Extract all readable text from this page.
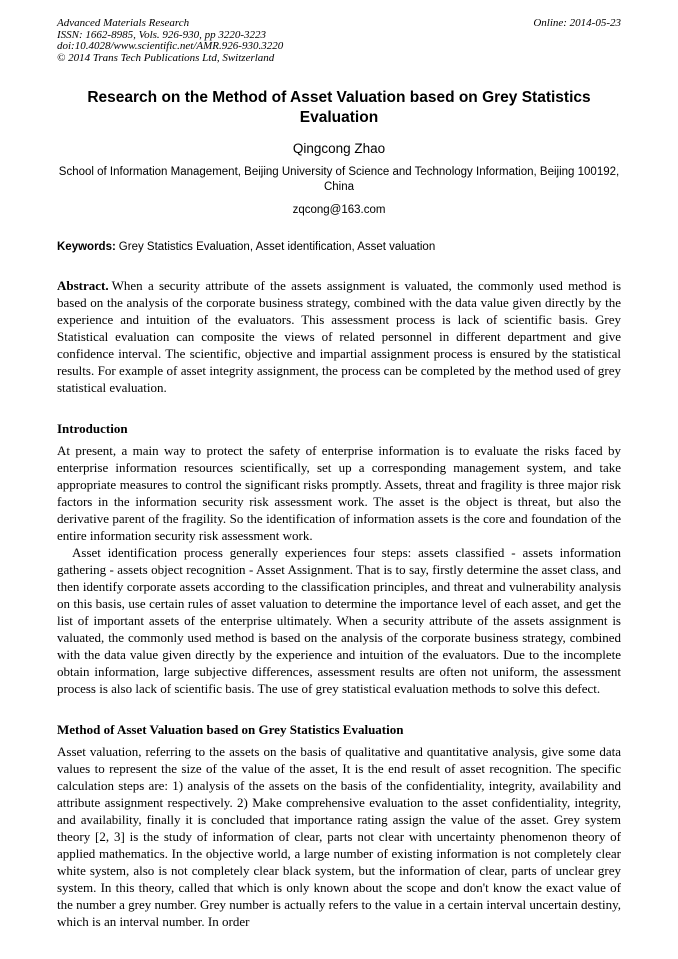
Advanced Materials Research
ISSN: 1662-8985, Vols. 926-930, pp 3220-3223
doi:10.4028/www.scientific.net/AMR.926-930.3220
© 2014 Trans Tech Publications Ltd, Switzerland
Online: 2014-05-23
Research on the Method of Asset Valuation based on Grey Statistics Evaluation
Qingcong Zhao
School of Information Management, Beijing University of Science and Technology Information, Beijing 100192, China
zqcong@163.com

Keywords: Grey Statistics Evaluation, Asset identification, Asset valuation

Abstract. When a security attribute of the assets assignment is valuated, the commonly used method is based on the analysis of the corporate business strategy, combined with the data value given directly by the experience and intuition of the evaluators. This assessment process is lack of scientific basis. Grey Statistical evaluation can composite the views of related personnel in different department and give confidence interval. The scientific, objective and impartial assignment process is ensured by the statistical results. For example of asset integrity assignment, the process can be completed by the method used of grey statistical evaluation.

Introduction

At present, a main way to protect the safety of enterprise information is to evaluate the risks faced by enterprise information resources scientifically, set up a corresponding management system, and take appropriate measures to control the significant risks promptly. Assets, threat and fragility is three major risk factors in the information security risk assessment work. The asset is the object is threat, but also the derivative parent of the fragility. So the identification of information assets is the core and foundation of the entire information security risk assessment work.

Asset identification process generally experiences four steps: assets classified - assets information gathering - assets object recognition - Asset Assignment. That is to say, firstly determine the asset class, and then identify corporate assets according to the classification principles, and threat and vulnerability analysis on this basis, use certain rules of asset valuation to determine the importance level of each asset, and get the list of important assets of the enterprise ultimately. When a security attribute of the assets assignment is valuated, the commonly used method is based on the analysis of the corporate business strategy, combined with the data value given directly by the experience and intuition of the evaluators. Due to the incomplete obtain information, large subjective differences, assessment results are often not uniform, the assessment process is also lack of scientific basis. The use of grey statistical evaluation methods to solve this defect.

Method of Asset Valuation based on Grey Statistics Evaluation

Asset valuation, referring to the assets on the basis of qualitative and quantitative analysis, give some data values to represent the size of the value of the asset, It is the end result of asset recognition. The specific calculation steps are: 1) analysis of the assets on the basis of the confidentiality, integrity, availability and attribute assignment respectively. 2) Make comprehensive evaluation to the asset confidentiality, integrity, and availability, finally it is concluded that importance rating assign the value of the asset. Grey system theory [2, 3] is the study of information of clear, parts not clear with uncertainty phenomenon theory of applied mathematics. In the objective world, a large number of existing information is not completely clear white system, also is not completely clear black system, but the information of clear, parts of unclear grey system. In this theory, called that which is only known about the scope and don't know the exact value of the number a grey number. Grey number is actually refers to the value in a certain interval uncertain destiny, which is an interval number. In order
